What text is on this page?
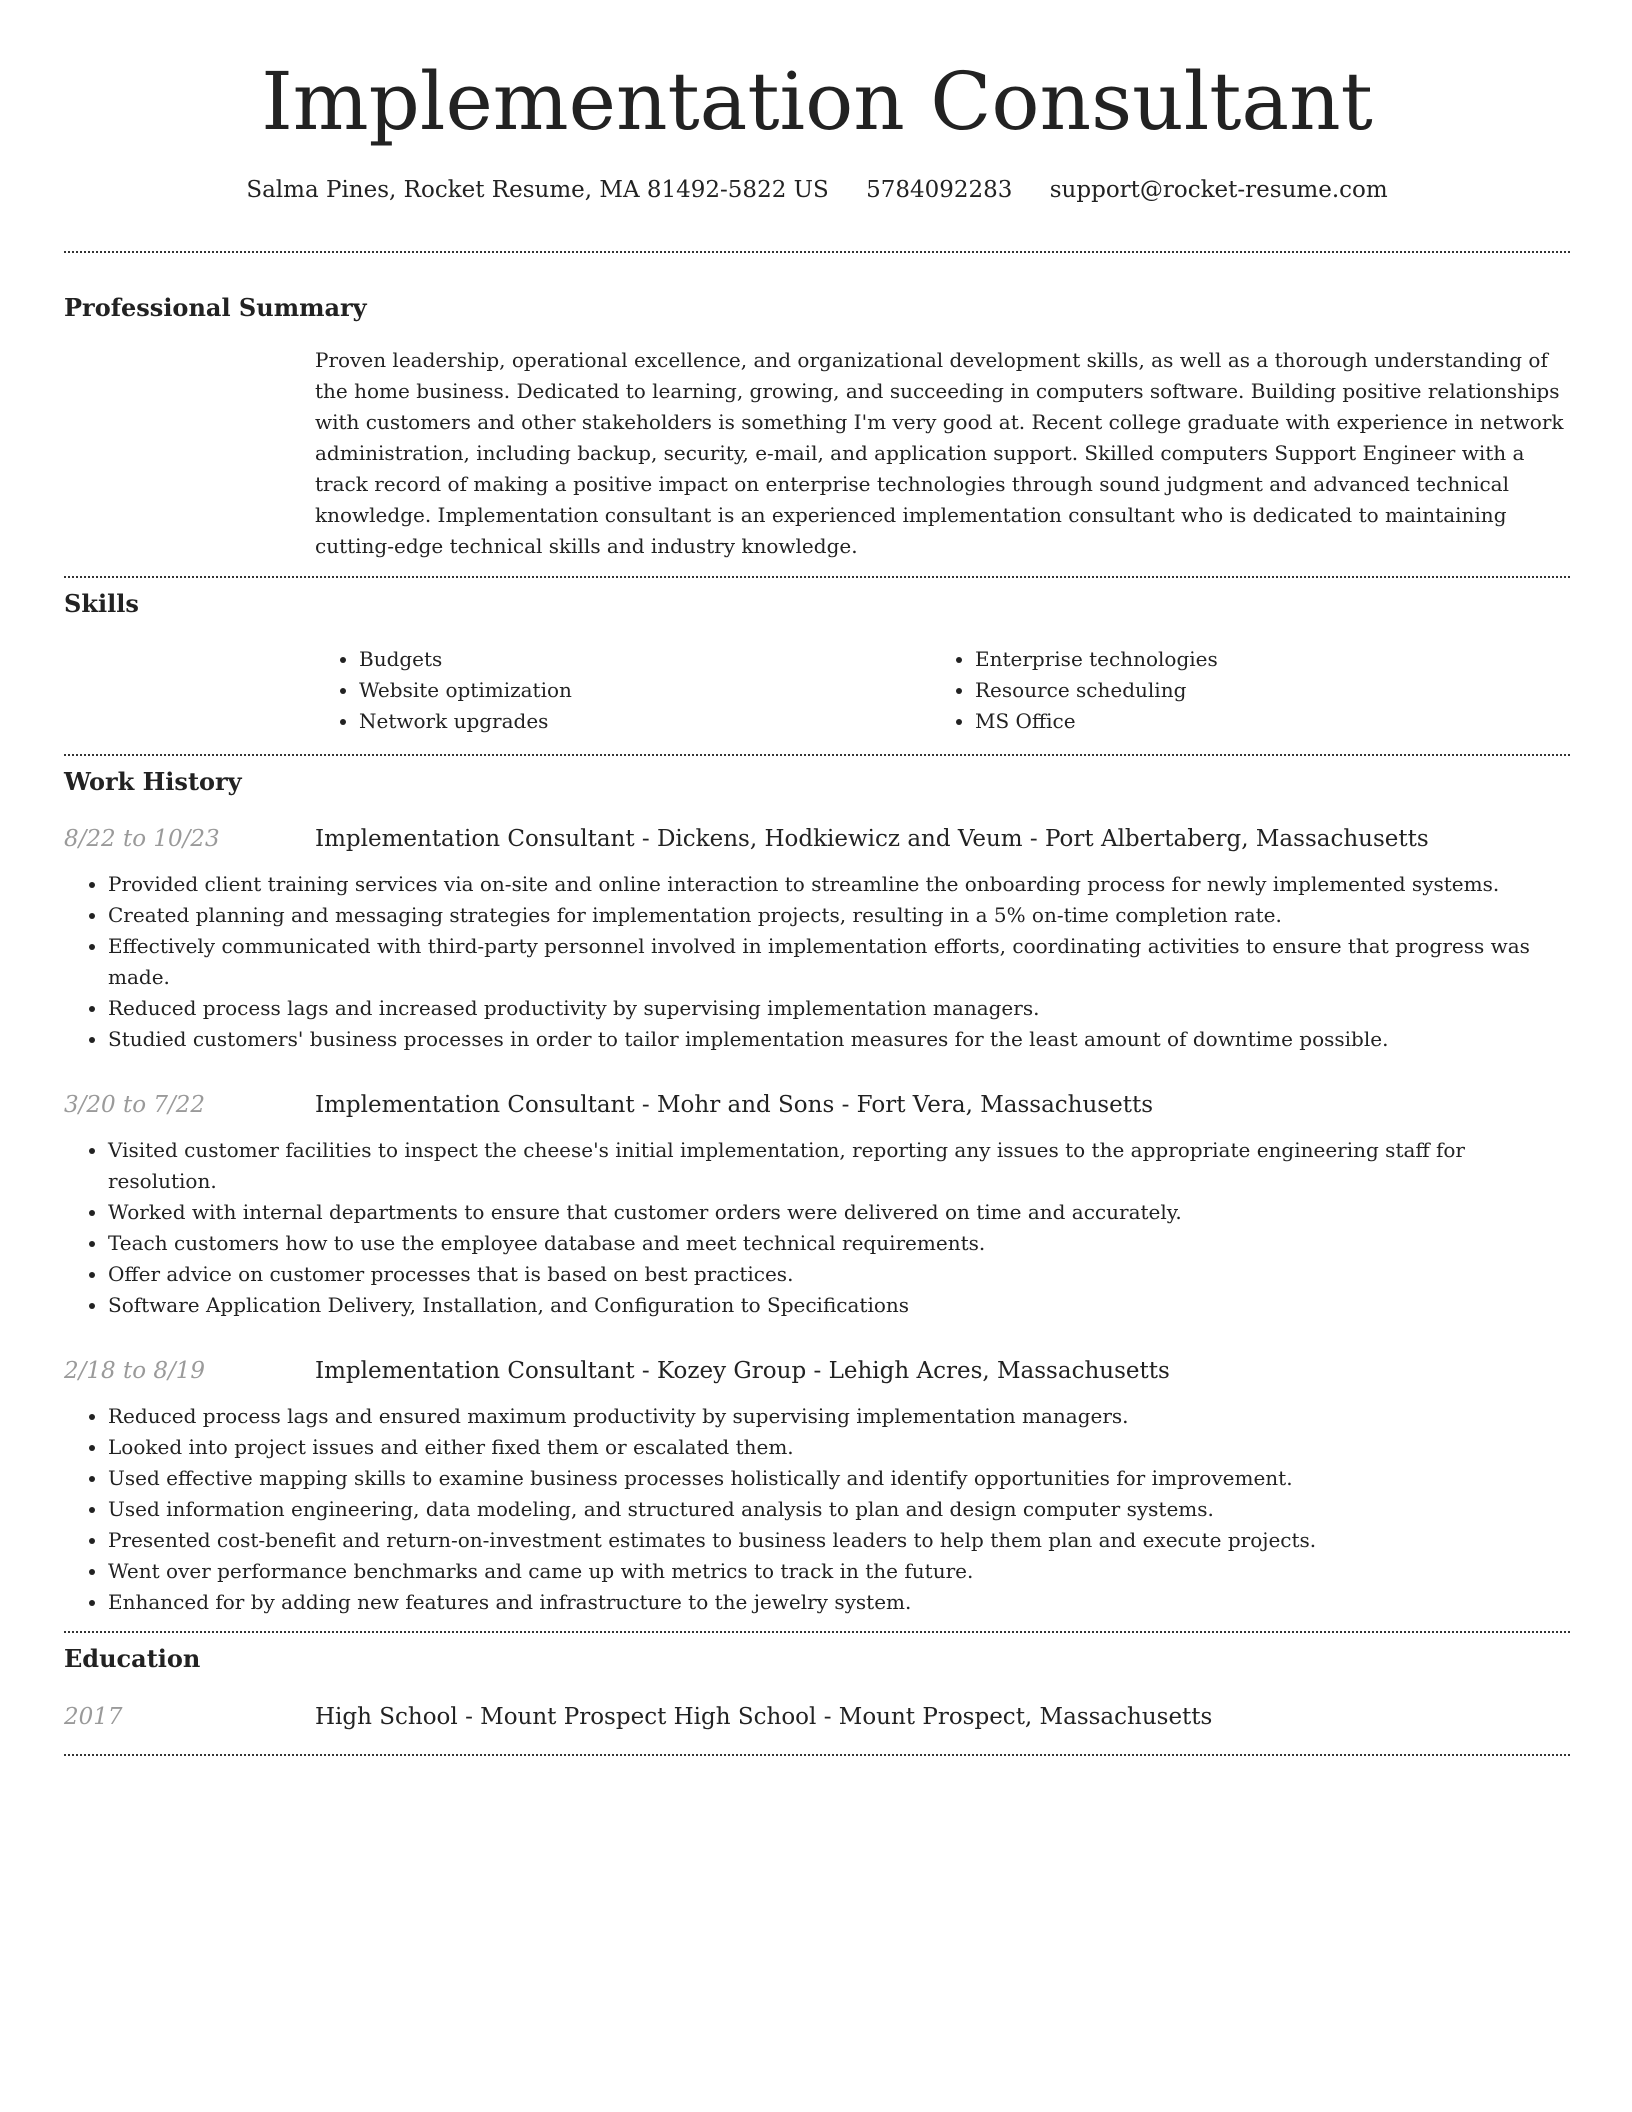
Implementation Consultant
Salma Pines, Rocket Resume, MA 81492-5822 US 5784092283 support@rocket-resume.com
Professional Summary
Proven leadership, operational excellence, and organizational development skills, as well as a thorough understanding of the home business. Dedicated to learning, growing, and succeeding in computers software. Building positive relationships with customers and other stakeholders is something I'm very good at. Recent college graduate with experience in network administration, including backup, security, e-mail, and application support. Skilled computers Support Engineer with a track record of making a positive impact on enterprise technologies through sound judgment and advanced technical knowledge. Implementation consultant is an experienced implementation consultant who is dedicated to maintaining cutting-edge technical skills and industry knowledge.
Skills
• Budgets
• Website optimization
• Network upgrades
• Enterprise technologies
• Resource scheduling
• MS Office
Work History
8/22 to 10/23	Implementation Consultant - Dickens, Hodkiewicz and Veum - Port Albertaberg, Massachusetts
• Provided client training services via on-site and online interaction to streamline the onboarding process for newly implemented systems.
• Created planning and messaging strategies for implementation projects, resulting in a 5% on-time completion rate.
• Effectively communicated with third-party personnel involved in implementation efforts, coordinating activities to ensure that progress was made.
• Reduced process lags and increased productivity by supervising implementation managers.
• Studied customers' business processes in order to tailor implementation measures for the least amount of downtime possible.
3/20 to 7/22	Implementation Consultant - Mohr and Sons - Fort Vera, Massachusetts
• Visited customer facilities to inspect the cheese's initial implementation, reporting any issues to the appropriate engineering staff for resolution.
• Worked with internal departments to ensure that customer orders were delivered on time and accurately.
• Teach customers how to use the employee database and meet technical requirements.
• Offer advice on customer processes that is based on best practices.
• Software Application Delivery, Installation, and Configuration to Specifications
2/18 to 8/19	Implementation Consultant - Kozey Group - Lehigh Acres, Massachusetts
• Reduced process lags and ensured maximum productivity by supervising implementation managers.
• Looked into project issues and either fixed them or escalated them.
• Used effective mapping skills to examine business processes holistically and identify opportunities for improvement.
• Used information engineering, data modeling, and structured analysis to plan and design computer systems.
• Presented cost-benefit and return-on-investment estimates to business leaders to help them plan and execute projects.
• Went over performance benchmarks and came up with metrics to track in the future.
• Enhanced for by adding new features and infrastructure to the jewelry system.
Education
2017	High School - Mount Prospect High School - Mount Prospect, Massachusetts
